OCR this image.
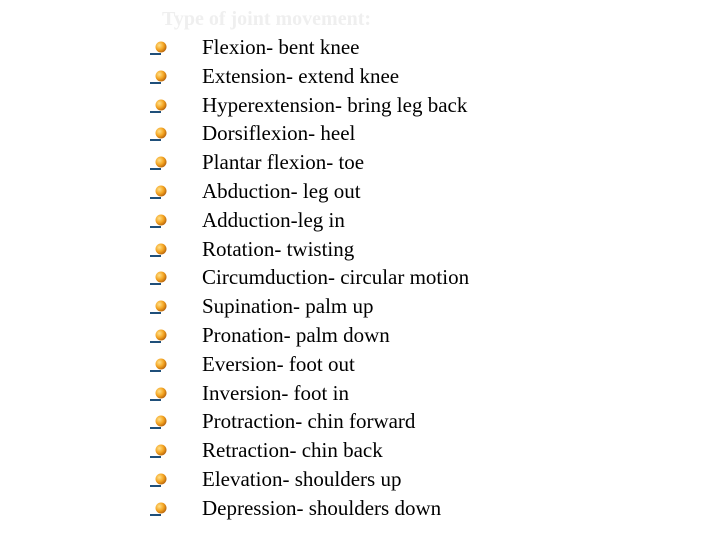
Type of joint movement:
Flexion- bent knee
Extension- extend knee
Hyperextension- bring leg back
Dorsiflexion- heel
Plantar flexion- toe
Abduction- leg out
Adduction-leg in
Rotation- twisting
Circumduction- circular motion
Supination- palm up
Pronation- palm down
Eversion- foot out
Inversion- foot in
Protraction- chin forward
Retraction- chin back
Elevation- shoulders up
Depression- shoulders down
